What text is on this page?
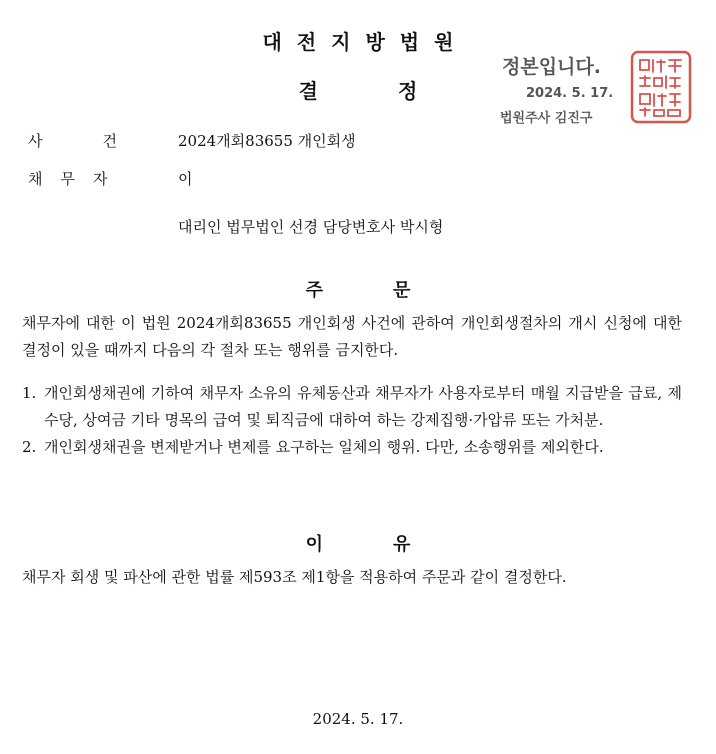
대전지방법원
결	정
정본입니다.
2024. 5. 17.
법원주사 김진구
사	건	2024개회83655 개인회생
채 무 자	이
대리인 법무법인 선경 담당변호사 박시형
주	문
채무자에 대한 이 법원 2024개회83655 개인회생 사건에 관하여 개인회생절차의 개시 신청에 대한 결정이 있을 때까지 다음의 각 절차 또는 행위를 금지한다.
1. 개인회생채권에 기하여 채무자 소유의 유체동산과 채무자가 사용자로부터 매월 지급받을 급료, 제수당, 상여금 기타 명목의 급여 및 퇴직금에 대하여 하는 강제집행·가압류 또는 가처분.
2. 개인회생채권을 변제받거나 변제를 요구하는 일체의 행위. 다만, 소송행위를 제외한다.
이	유
채무자 회생 및 파산에 관한 법률 제593조 제1항을 적용하여 주문과 같이 결정한다.
2024. 5. 17.
